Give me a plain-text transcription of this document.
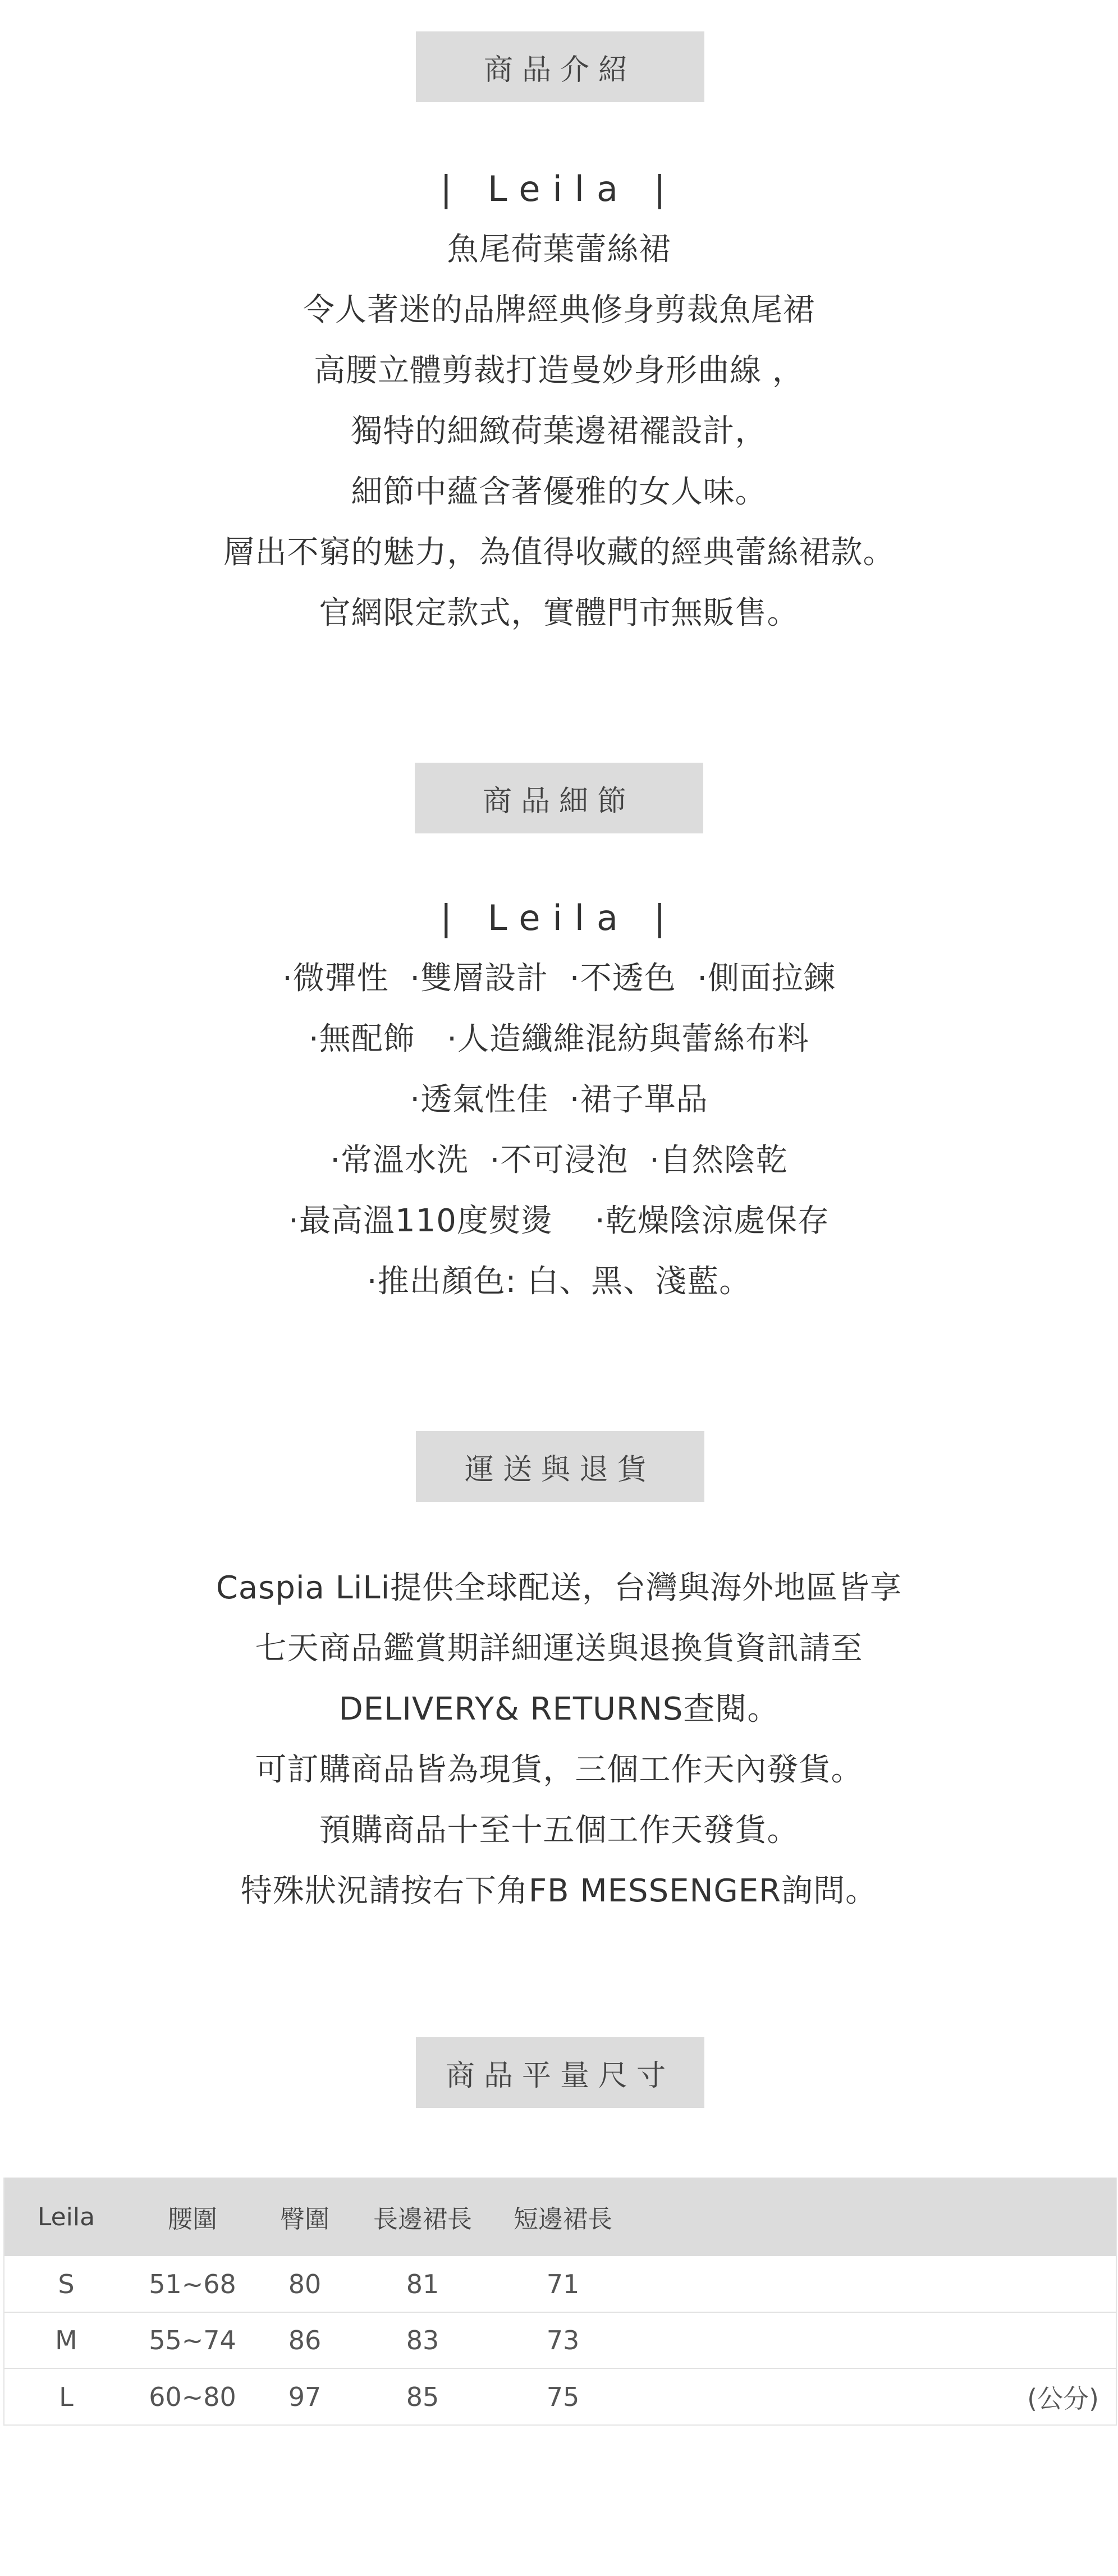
商品介紹
| Leila |
魚尾荷葉蕾絲裙
令人著迷的品牌經典修身剪裁魚尾裙
高腰立體剪裁打造曼妙身形曲線 ，
獨特的細緻荷葉邊裙襬設計，
細節中蘊含著優雅的女人味。
層出不窮的魅力，為值得收藏的經典蕾絲裙款。
官網限定款式，實體門市無販售。
商品細節
| Leila |
·微彈性  ·雙層設計  ·不透色  ·側面拉鍊
·無配飾   ·人造纖維混紡與蕾絲布料
·透氣性佳  ·裙子單品
·常溫水洗  ·不可浸泡  ·自然陰乾
·最高溫110度熨燙    ·乾燥陰涼處保存
·推出顏色: 白、黑、淺藍。
運送與退貨
Caspia LiLi提供全球配送，台灣與海外地區皆享
七天商品鑑賞期詳細運送與退換貨資訊請至
DELIVERY& RETURNS查閱。
可訂購商品皆為現貨，三個工作天內發貨。
預購商品十至十五個工作天發貨。
特殊狀況請按右下角FB MESSENGER詢問。
商品平量尺寸
Leila	腰圍	臀圍	長邊裙長	短邊裙長	
S	51~68	80	81	71	
M	55~74	86	83	73	
L	60~80	97	85	75	(公分)
